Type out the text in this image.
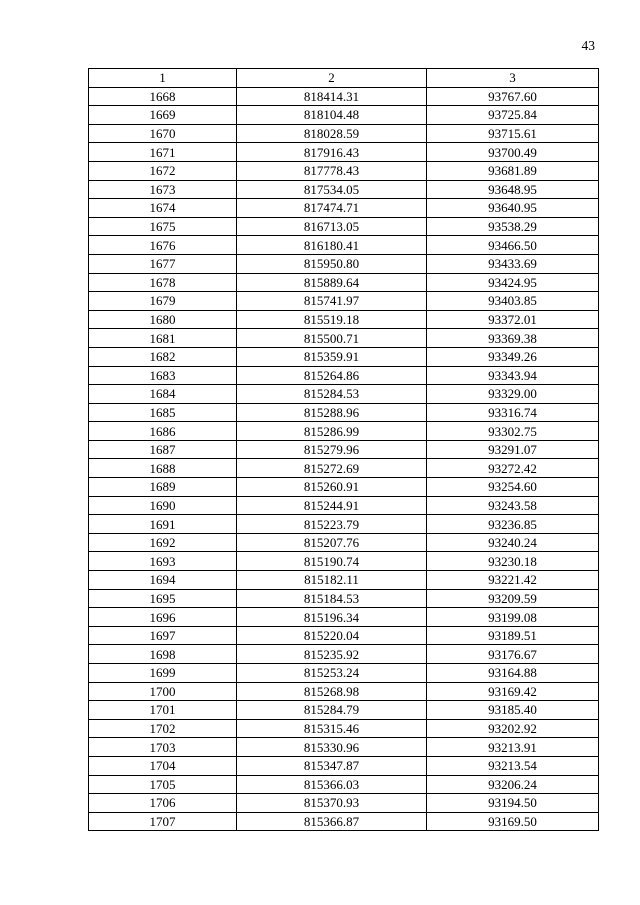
43
1	2	3
1668	818414.31	93767.60
1669	818104.48	93725.84
1670	818028.59	93715.61
1671	817916.43	93700.49
1672	817778.43	93681.89
1673	817534.05	93648.95
1674	817474.71	93640.95
1675	816713.05	93538.29
1676	816180.41	93466.50
1677	815950.80	93433.69
1678	815889.64	93424.95
1679	815741.97	93403.85
1680	815519.18	93372.01
1681	815500.71	93369.38
1682	815359.91	93349.26
1683	815264.86	93343.94
1684	815284.53	93329.00
1685	815288.96	93316.74
1686	815286.99	93302.75
1687	815279.96	93291.07
1688	815272.69	93272.42
1689	815260.91	93254.60
1690	815244.91	93243.58
1691	815223.79	93236.85
1692	815207.76	93240.24
1693	815190.74	93230.18
1694	815182.11	93221.42
1695	815184.53	93209.59
1696	815196.34	93199.08
1697	815220.04	93189.51
1698	815235.92	93176.67
1699	815253.24	93164.88
1700	815268.98	93169.42
1701	815284.79	93185.40
1702	815315.46	93202.92
1703	815330.96	93213.91
1704	815347.87	93213.54
1705	815366.03	93206.24
1706	815370.93	93194.50
1707	815366.87	93169.50
